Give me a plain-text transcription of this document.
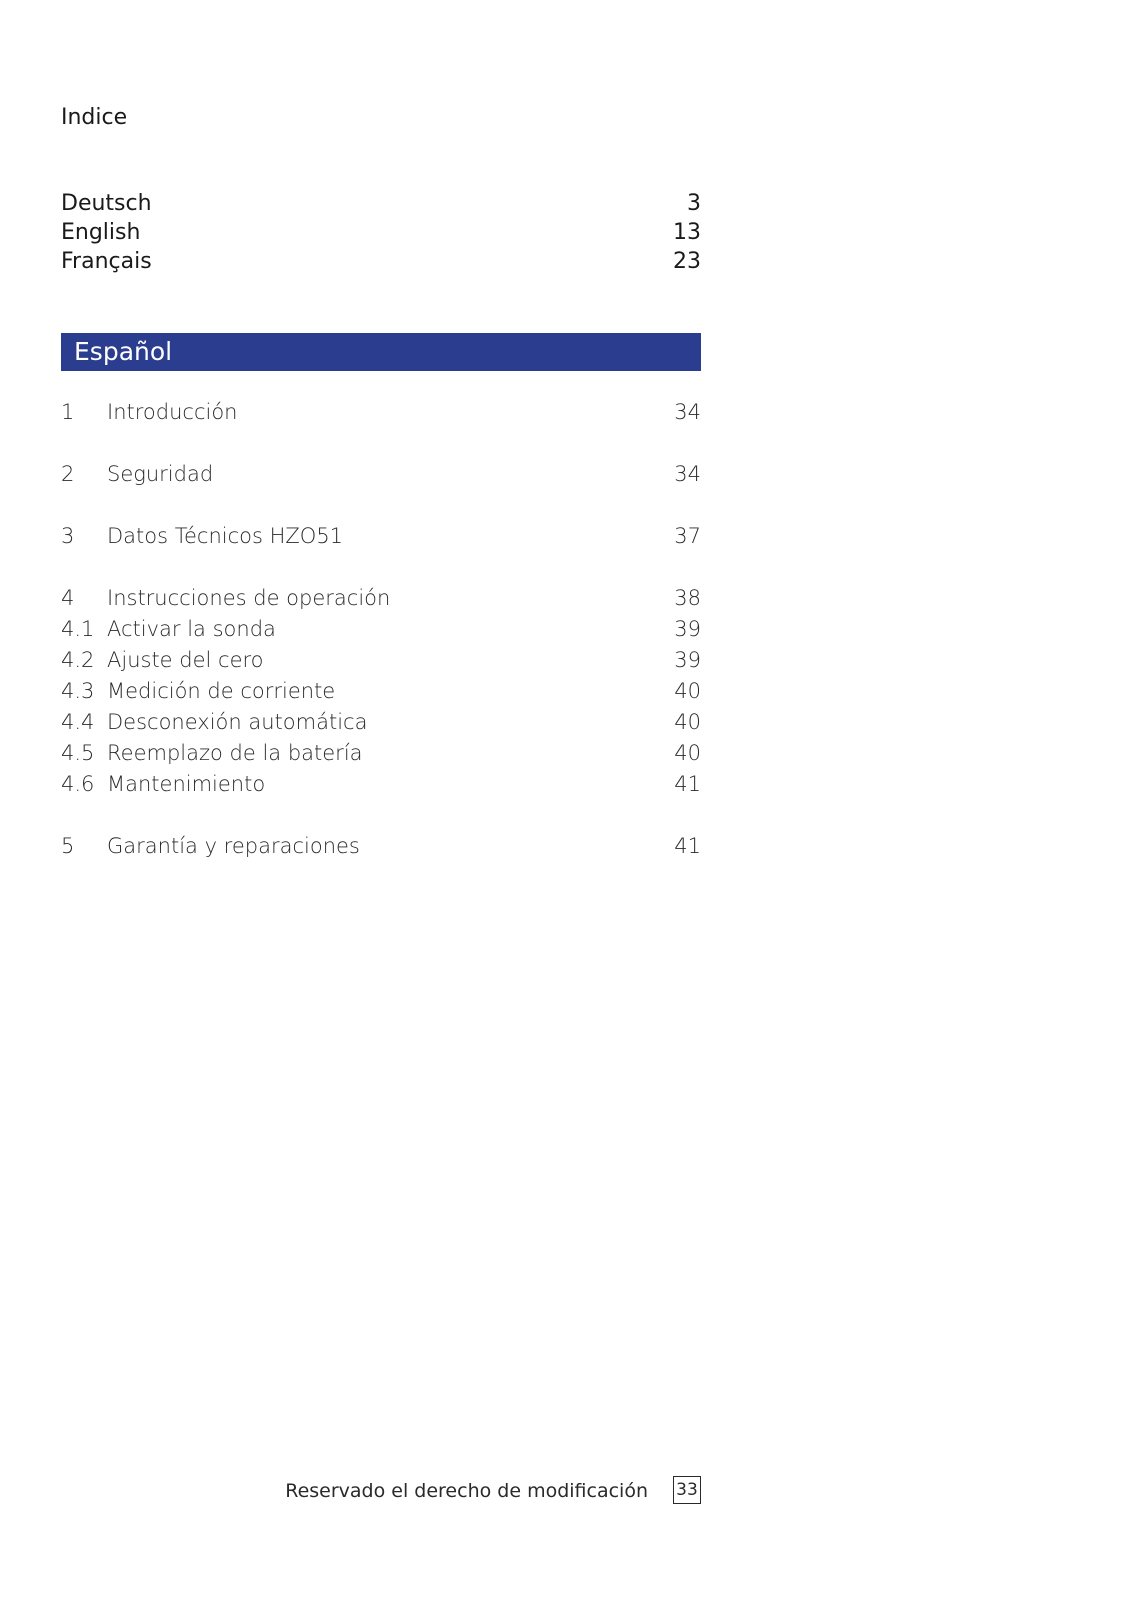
Indice
Deutsch	3
English	13
Français	23
Español
1	Introducción	34
2	Seguridad	34
3	Datos Técnicos HZO51	37
4	Instrucciones de operación	38
4.1 Activar la sonda	39
4.2 Ajuste del cero	39
4.3 Medición de corriente	40
4.4 Desconexión automática	40
4.5 Reemplazo de la batería	40
4.6 Mantenimiento	41
5	Garantía y reparaciones	41
Reservado el derecho de modificación 33
